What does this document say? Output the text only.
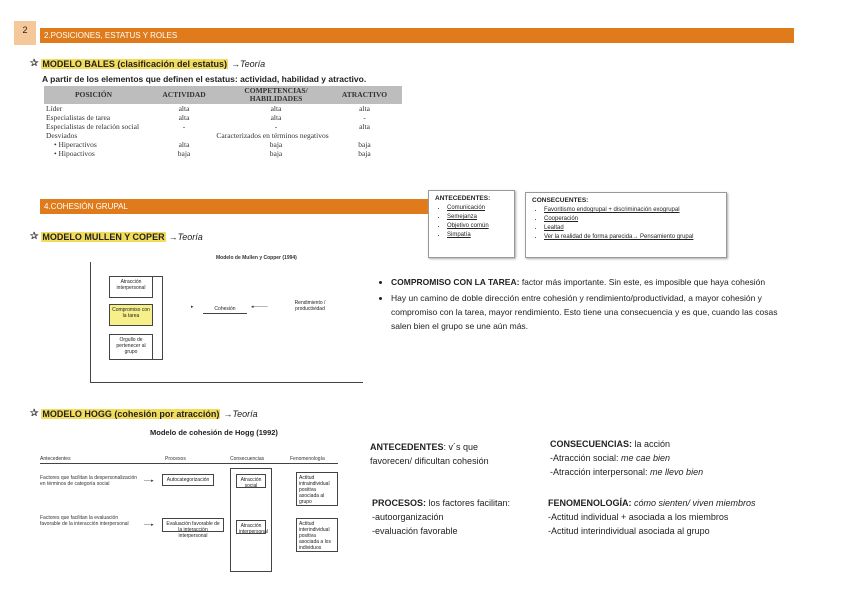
2
2.POSICIONES, ESTATUS Y ROLES
✰ MODELO BALES (clasificación del estatus) →Teoría
A partir de los elementos que definen el estatus: actividad, habilidad y atractivo.
POSICIÓN	ACTIVIDAD	COMPETENCIAS/ HABILIDADES	ATRACTIVO
Líder	alta	alta	alta
Especialistas de tarea	alta	alta	-
Especialistas de relación social	-	-	alta
Desviados	Caracterizados en términos negativos		
• Hiperactivos	alta	baja	baja
• Hipoactivos	baja	baja	baja
4.COHESIÓN GRUPAL
ANTECEDENTES:
• Comunicación
• Semejanza
• Objetivo común
• Simpatía
CONSECUENTES:
• Favoritismo endogrupal + discriminación exogrupal
• Cooperación
• Lealtad
• Ver la realidad de forma parecida→ Pensamiento grupal
✰ MODELO MULLEN Y COPER →Teoría
Modelo de Mullen y Copper (1994)
Atracción interpersonal
Compromiso con la tarea
Orgullo de pertenecer al grupo
Cohesión
▸	◂────
Rendimiento / productividad
• COMPROMISO CON LA TAREA: factor más importante. Sin este, es imposible que haya cohesión
• Hay un camino de doble dirección entre cohesión y rendimiento/productividad, a mayor cohesión y compromiso con la tarea, mayor rendimiento. Esto tiene una consecuencia y es que, cuando las cosas salen bien el grupo se une aún más.
✰ MODELO HOGG (cohesión por atracción) →Teoría
Modelo de cohesión de Hogg (1992)
Antecedentes	Procesos	Consecuencias	Fenomenología
Factores que facilitan la despersonalización en términos de categoría social
Factores que facilitan la evaluación favorable de la interacción interpersonal
──▸
──▸
Autocategorización
Evaluación favorable de la interacción interpersonal
Atracción social
Atracción interpersonal
Actitud intraindividual positiva asociada al grupo
Actitud interindividual positiva asociada a los individuos
ANTECEDENTES: v´s que favorecen/ dificultan cohesión
CONSECUENCIAS: la acción
-Atracción social: me cae bien
-Atracción interpersonal: me llevo bien
PROCESOS: los factores facilitan:
-autoorganización
-evaluación favorable
FENOMENOLOGÍA: cómo sienten/ viven miembros
-Actitud individual + asociada a los miembros
-Actitud interindividual asociada al grupo
